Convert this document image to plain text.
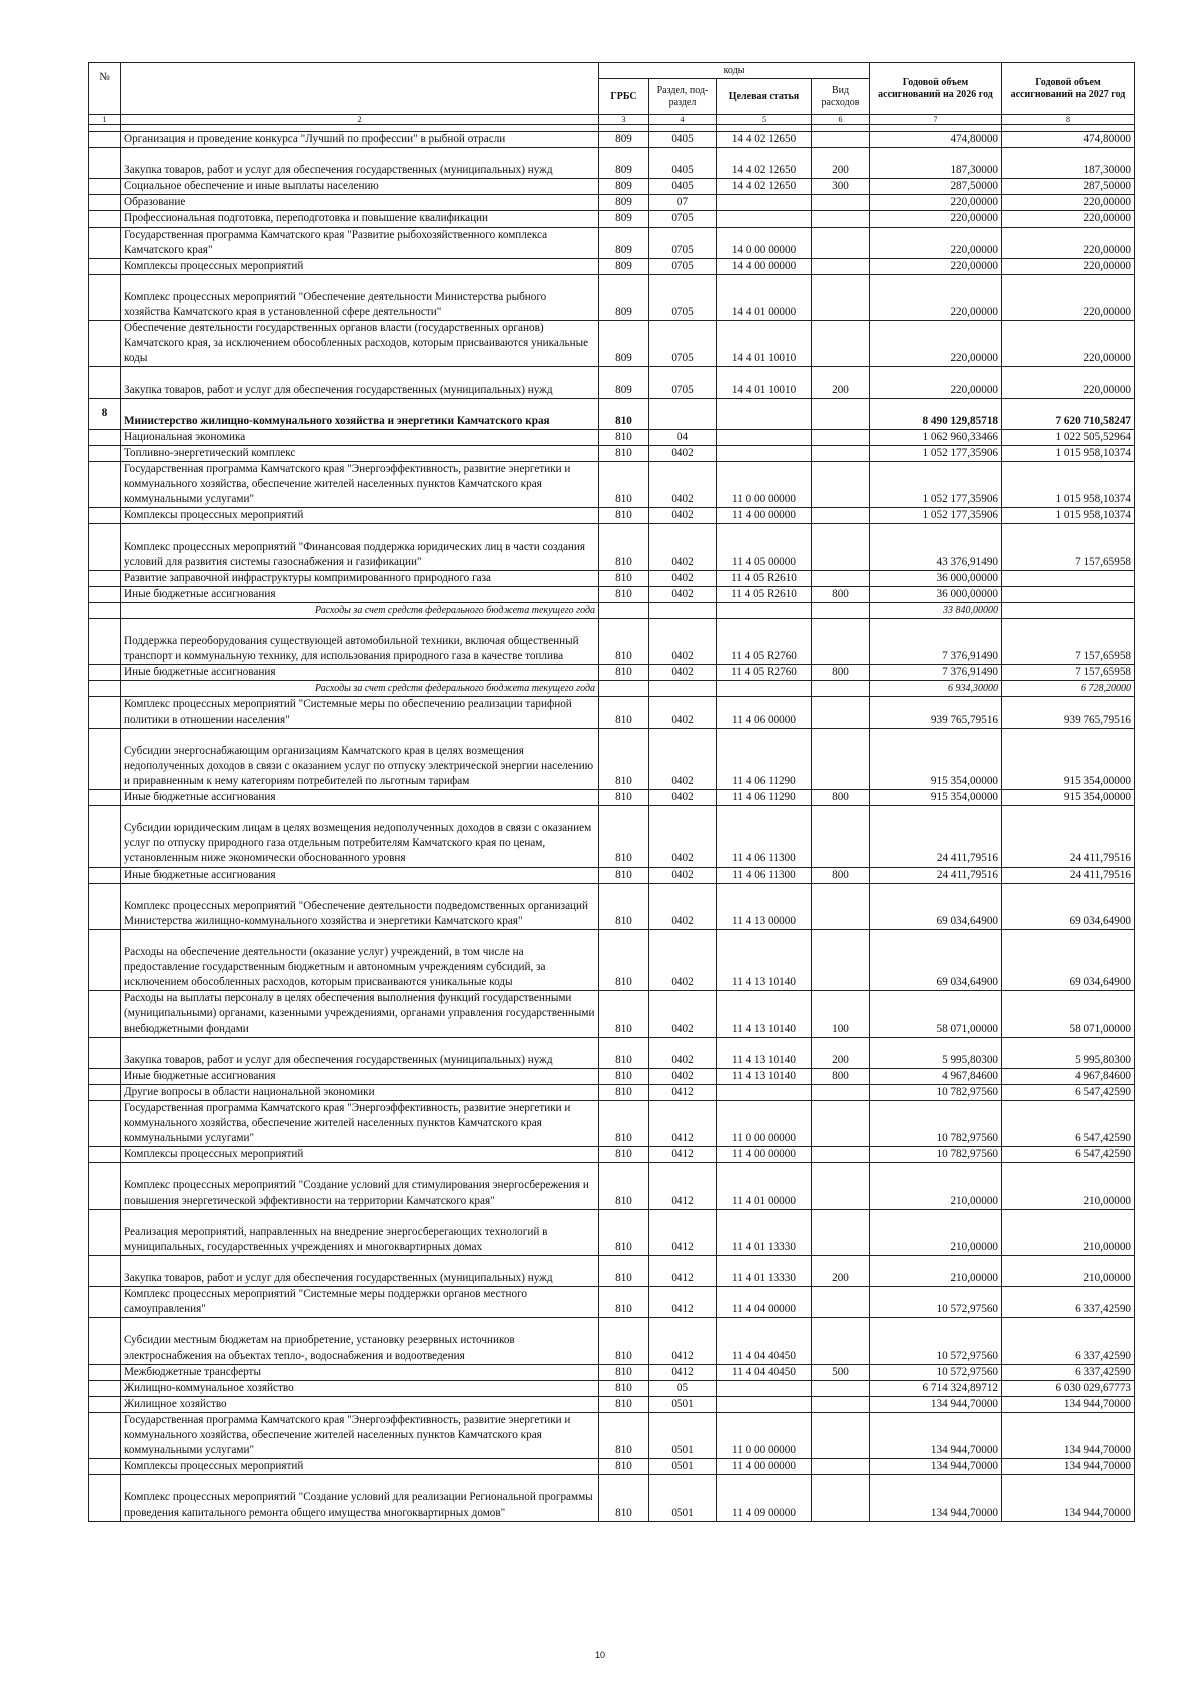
№		коды				Годовой объем ассигнований на 2026 год	Годовой объем ассигнований на 2027 год
		ГРБС	Раздел, под-раздел	Целевая статья	Вид расходов		
1	2	3	4	5	6	7	8

	Организация и проведение конкурса "Лучший по профессии" в рыбной отрасли	809	0405	14 4 02 12650		474,80000	474,80000
	Закупка товаров, работ и услуг для обеспечения государственных (муниципальных) нужд	809	0405	14 4 02 12650	200	187,30000	187,30000
	Социальное обеспечение и иные выплаты населению	809	0405	14 4 02 12650	300	287,50000	287,50000
	Образование	809	07			220,00000	220,00000
	Профессиональная подготовка, переподготовка и повышение квалификации	809	0705			220,00000	220,00000
	Государственная программа Камчатского края "Развитие рыбохозяйственного комплекса Камчатского края"	809	0705	14 0 00 00000		220,00000	220,00000
	Комплексы процессных мероприятий	809	0705	14 4 00 00000		220,00000	220,00000
	Комплекс процессных мероприятий "Обеспечение деятельности Министерства рыбного хозяйства Камчатского края в установленной сфере деятельности"	809	0705	14 4 01 00000		220,00000	220,00000
	Обеспечение деятельности государственных органов власти (государственных органов) Камчатского края, за исключением обособленных расходов, которым присваиваются уникальные коды	809	0705	14 4 01 10010		220,00000	220,00000
	Закупка товаров, работ и услуг для обеспечения государственных (муниципальных) нужд	809	0705	14 4 01 10010	200	220,00000	220,00000
8	Министерство жилищно-коммунального хозяйства и энергетики Камчатского края	810				8 490 129,85718	7 620 710,58247
	Национальная экономика	810	04			1 062 960,33466	1 022 505,52964
	Топливно-энергетический комплекс	810	0402			1 052 177,35906	1 015 958,10374
	Государственная программа Камчатского края "Энергоэффективность, развитие энергетики и коммунального хозяйства, обеспечение жителей населенных пунктов Камчатского края коммунальными услугами"	810	0402	11 0 00 00000		1 052 177,35906	1 015 958,10374
	Комплексы процессных мероприятий	810	0402	11 4 00 00000		1 052 177,35906	1 015 958,10374
	Комплекс процессных мероприятий "Финансовая поддержка юридических лиц в части создания условий для развития системы газоснабжения и газификации"	810	0402	11 4 05 00000		43 376,91490	7 157,65958
	Развитие заправочной инфраструктуры компримированного природного газа	810	0402	11 4 05 R2610		36 000,00000	
	Иные бюджетные ассигнования	810	0402	11 4 05 R2610	800	36 000,00000	
	Расходы за счет средств федерального бюджета текущего года					33 840,00000	
	Поддержка переоборудования существующей автомобильной техники, включая общественный транспорт и коммунальную технику, для использования природного газа в качестве топлива	810	0402	11 4 05 R2760		7 376,91490	7 157,65958
	Иные бюджетные ассигнования	810	0402	11 4 05 R2760	800	7 376,91490	7 157,65958
	Расходы за счет средств федерального бюджета текущего года					6 934,30000	6 728,20000
	Комплекс процессных мероприятий "Системные меры по обеспечению реализации тарифной политики в отношении населения"	810	0402	11 4 06 00000		939 765,79516	939 765,79516
	Субсидии энергоснабжающим организациям Камчатского края в целях возмещения недополученных доходов в связи с оказанием услуг по отпуску электрической энергии населению и приравненным к нему категориям потребителей по льготным тарифам	810	0402	11 4 06 11290		915 354,00000	915 354,00000
	Иные бюджетные ассигнования	810	0402	11 4 06 11290	800	915 354,00000	915 354,00000
	Субсидии юридическим лицам в целях возмещения недополученных доходов в связи с оказанием услуг по отпуску природного газа отдельным потребителям Камчатского края по ценам, установленным ниже экономически обоснованного уровня	810	0402	11 4 06 11300		24 411,79516	24 411,79516
	Иные бюджетные ассигнования	810	0402	11 4 06 11300	800	24 411,79516	24 411,79516
	Комплекс процессных мероприятий "Обеспечение деятельности подведомственных организаций Министерства жилищно-коммунального хозяйства и энергетики Камчатского края"	810	0402	11 4 13 00000		69 034,64900	69 034,64900
	Расходы на обеспечение деятельности (оказание услуг) учреждений, в том числе на предоставление государственным бюджетным и автономным учреждениям субсидий, за исключением обособленных расходов, которым присваиваются уникальные коды	810	0402	11 4 13 10140		69 034,64900	69 034,64900
	Расходы на выплаты персоналу в целях обеспечения выполнения функций государственными (муниципальными) органами, казенными учреждениями, органами управления государственными внебюджетными фондами	810	0402	11 4 13 10140	100	58 071,00000	58 071,00000
	Закупка товаров, работ и услуг для обеспечения государственных (муниципальных) нужд	810	0402	11 4 13 10140	200	5 995,80300	5 995,80300
	Иные бюджетные ассигнования	810	0402	11 4 13 10140	800	4 967,84600	4 967,84600
	Другие вопросы в области национальной экономики	810	0412			10 782,97560	6 547,42590
	Государственная программа Камчатского края "Энергоэффективность, развитие энергетики и коммунального хозяйства, обеспечение жителей населенных пунктов Камчатского края коммунальными услугами"	810	0412	11 0 00 00000		10 782,97560	6 547,42590
	Комплексы процессных мероприятий	810	0412	11 4 00 00000		10 782,97560	6 547,42590
	Комплекс процессных мероприятий "Создание условий для стимулирования энергосбережения и повышения энергетической эффективности на территории Камчатского края"	810	0412	11 4 01 00000		210,00000	210,00000
	Реализация мероприятий, направленных на внедрение энергосберегающих технологий в муниципальных, государственных учреждениях и многоквартирных домах	810	0412	11 4 01 13330		210,00000	210,00000
	Закупка товаров, работ и услуг для обеспечения государственных (муниципальных) нужд	810	0412	11 4 01 13330	200	210,00000	210,00000
	Комплекс процессных мероприятий "Системные меры поддержки органов местного самоуправления"	810	0412	11 4 04 00000		10 572,97560	6 337,42590
	Субсидии местным бюджетам на приобретение, установку резервных источников электроснабжения на объектах тепло-, водоснабжения и водоотведения	810	0412	11 4 04 40450		10 572,97560	6 337,42590
	Межбюджетные трансферты	810	0412	11 4 04 40450	500	10 572,97560	6 337,42590
	Жилищно-коммунальное хозяйство	810	05			6 714 324,89712	6 030 029,67773
	Жилищное хозяйство	810	0501			134 944,70000	134 944,70000
	Государственная программа Камчатского края "Энергоэффективность, развитие энергетики и коммунального хозяйства, обеспечение жителей населенных пунктов Камчатского края коммунальными услугами"	810	0501	11 0 00 00000		134 944,70000	134 944,70000
	Комплексы процессных мероприятий	810	0501	11 4 00 00000		134 944,70000	134 944,70000
	Комплекс процессных мероприятий "Создание условий для реализации Региональной программы проведения капитального ремонта общего имущества многоквартирных домов"	810	0501	11 4 09 00000		134 944,70000	134 944,70000
10
